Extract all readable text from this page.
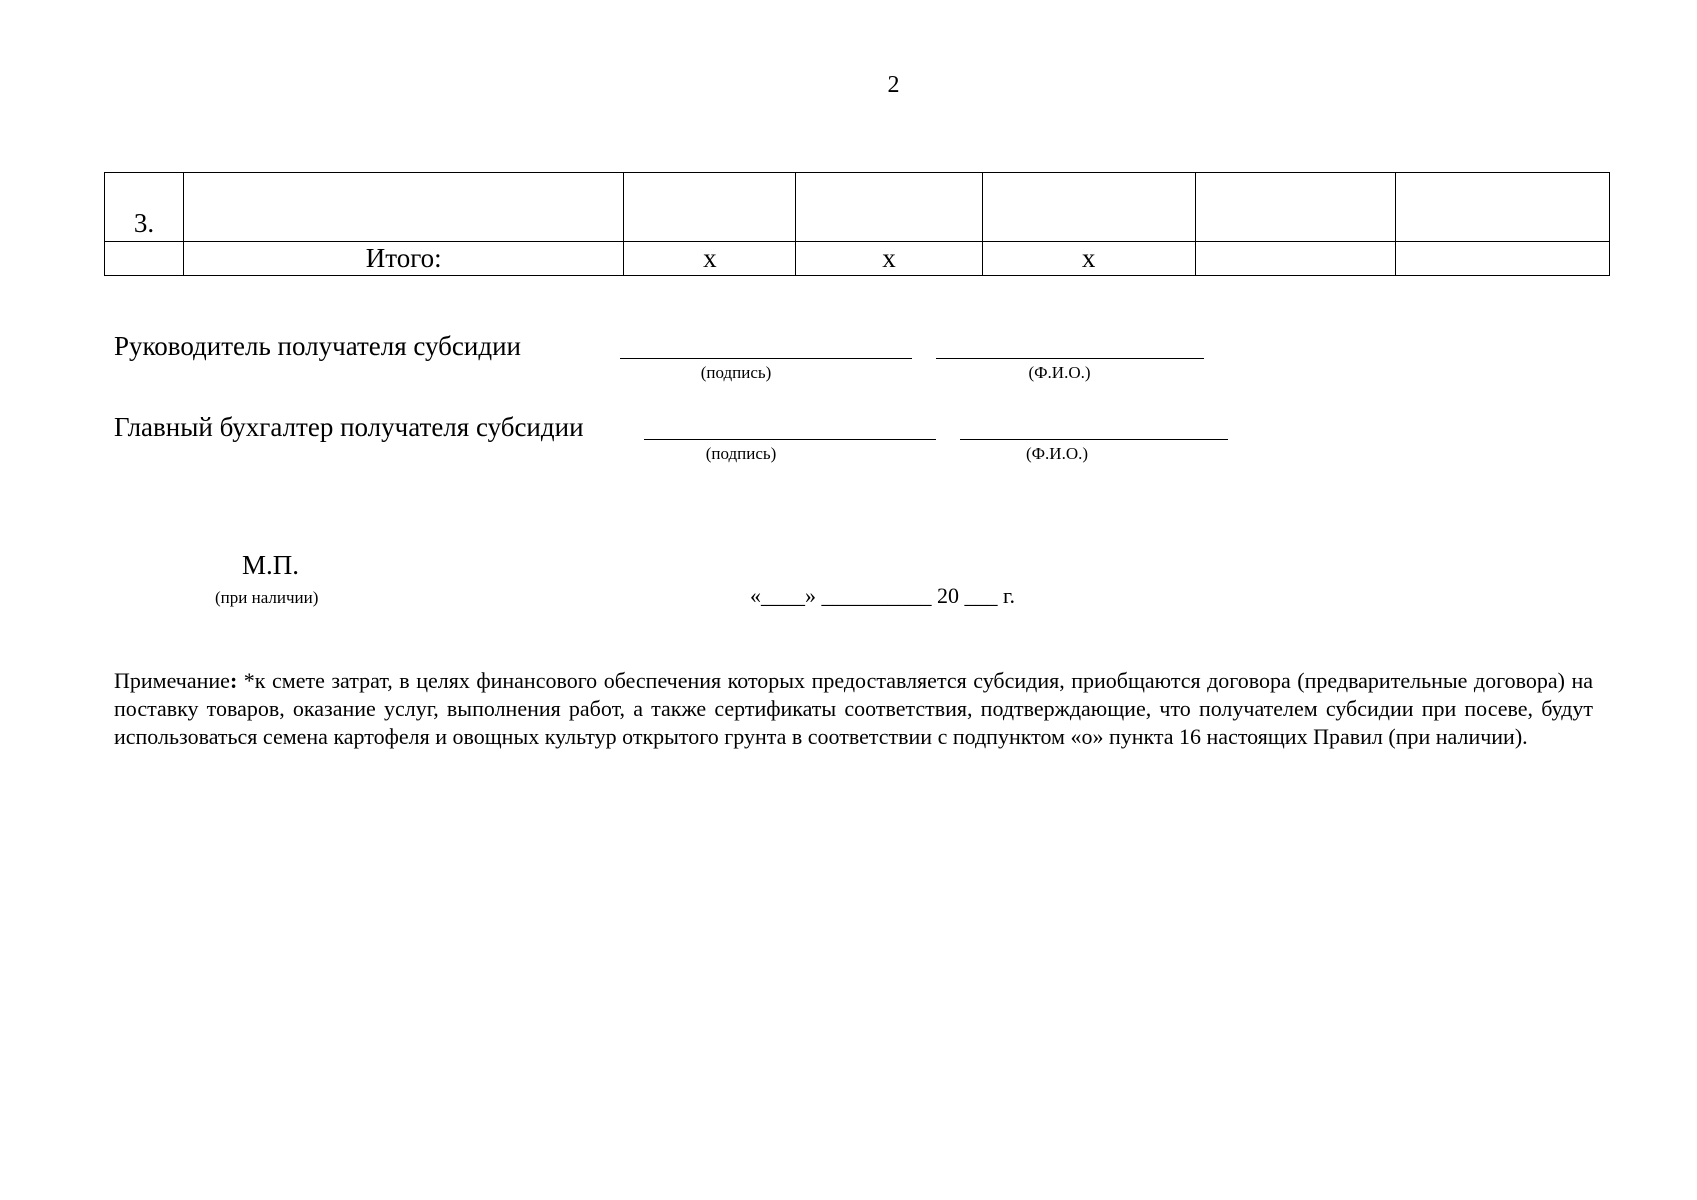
2
3.						
	Итого:	х	х	х		
Руководитель получателя субсидии
(подпись)	(Ф.И.О.)
Главный бухгалтер получателя субсидии
(подпись)	(Ф.И.О.)
М.П.
(при наличии)	«____» __________ 20 ___ г.
Примечание: *к смете затрат, в целях финансового обеспечения которых предоставляется субсидия, приобщаются договора (предварительные договора) на поставку товаров, оказание услуг, выполнения работ, а также сертификаты соответствия, подтверждающие, что получателем субсидии при посеве, будут использоваться семена картофеля и овощных культур открытого грунта в соответствии с подпунктом «о» пункта 16 настоящих Правил (при наличии).
